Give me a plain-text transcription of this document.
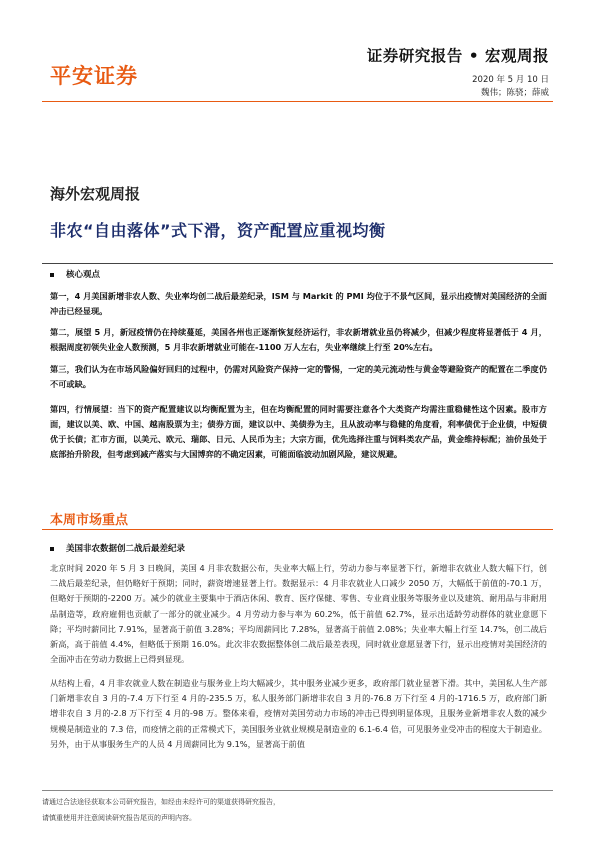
平安证券
证券研究报告 • 宏观周报
2020 年 5 月 10 日
魏伟；陈骁；薛威
海外宏观周报
非农“自由落体”式下滑，资产配置应重视均衡
核心观点

第一，4 月美国新增非农人数、失业率均创二战后最差纪录，ISM 与 Markit 的 PMI 均位于不景气区间，显示出疫情对美国经济的全面冲击已经显现。

第二，展望 5 月，新冠疫情仍在持续蔓延，美国各州也正逐渐恢复经济运行，非农新增就业虽仍将减少，但减少程度将显著低于 4 月，根据周度初领失业金人数预测，5 月非农新增就业可能在-1100 万人左右，失业率继续上行至 20%左右。

第三，我们认为在市场风险偏好回归的过程中，仍需对风险资产保持一定的警惕，一定的美元流动性与黄金等避险资产的配置在二季度仍不可或缺。

第四，行情展望：当下的资产配置建议以均衡配置为主，但在均衡配置的同时需要注意各个大类资产均需注重稳健性这个因素。股市方面，建议以美、欧、中国、越南股票为主；债券方面，建议以中、美债券为主，且从波动率与稳健的角度看，利率债优于企业债，中短债优于长债；汇市方面，以美元、欧元、瑞郎、日元、人民币为主；大宗方面，优先选择注重与饲料类农产品，黄金维持标配；油价虽处于底部抬升阶段，但考虑到减产落实与大国博弈的不确定因素，可能面临波动加剧风险，建议规避。

本周市场重点
美国非农数据创二战后最差纪录

北京时间 2020 年 5 月 3 日晚间，美国 4 月非农数据公布，失业率大幅上行，劳动力参与率显著下行，新增非农就业人数大幅下行，创二战后最差纪录，但仍略好于预期；同时，薪资增速显著上行。数据显示：4 月非农就业人口减少 2050 万，大幅低于前值的-70.1 万，但略好于预期的-2200 万。减少的就业主要集中于酒店休闲、教育、医疗保健、零售、专业商业服务等服务业以及建筑、耐用品与非耐用品制造等，政府雇佣也贡献了一部分的就业减少。4 月劳动力参与率为 60.2%，低于前值 62.7%，显示出适龄劳动群体的就业意愿下降；平均时薪同比 7.91%，显著高于前值 3.28%；平均周薪同比 7.28%，显著高于前值 2.08%；失业率大幅上行至 14.7%，创二战后新高，高于前值 4.4%，但略低于预期 16.0%。此次非农数据整体创二战后最差表现，同时就业意愿显著下行，显示出疫情对美国经济的全面冲击在劳动力数据上已得到显现。

从结构上看，4 月非农就业人数在制造业与服务业上均大幅减少，其中服务业减少更多，政府部门就业显著下滑。其中，美国私人生产部门新增非农自 3 月的-7.4 万下行至 4 月的-235.5 万，私人服务部门新增非农自 3 月的-76.8 万下行至 4 月的-1716.5 万，政府部门新增非农自 3 月的-2.8 万下行至 4 月的-98 万。整体来看，疫情对美国劳动力市场的冲击已得到明显体现，且服务业新增非农人数的减少规模是制造业的 7.3 倍，而疫情之前的正常模式下，美国服务业就业规模是制造业的 6.1-6.4 倍，可见服务业受冲击的程度大于制造业。另外，由于从事服务生产的人员 4 月周薪同比为 9.1%，显著高于前值

请通过合法途径获取本公司研究报告，如经由未经许可的渠道获得研究报告，
请慎重使用并注意阅读研究报告尾页的声明内容。
